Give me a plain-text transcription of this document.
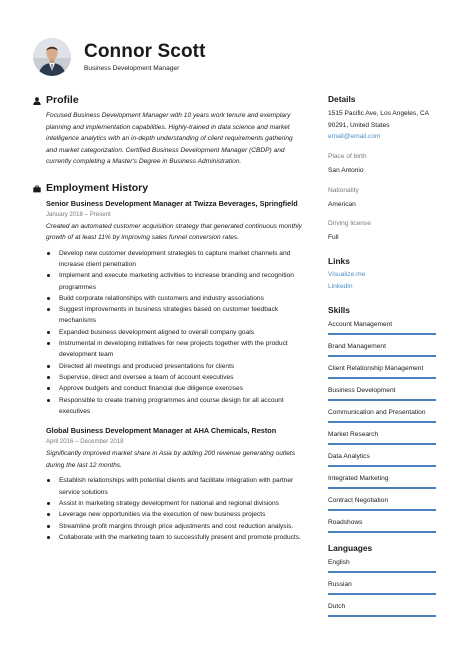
Connor Scott
Business Development Manager
Profile
Focused Business Development Manager with 10 years work tenure and exemplary planning and implementation capabilities. Highly-trained in data science and market intelligence analytics with an in-depth understanding of client requirements gathering and market categorization. Certified Business Development Manager (CBDP) and currently completing a Master's Degree in Business Administration.
Employment History
Senior Business Development Manager at Twizza Beverages, Springfield
January 2018 – Present
Created an automated customer acquisition strategy that generated continuous monthly growth of at least 11% by improving sales funnel conversion rates.
Develop new customer development strategies to capture market channels and increase client penetration
Implement and execute marketing activities to increase branding and recognition programmes
Build corporate relationships with customers and industry associations
Suggest improvements in business strategies based on customer feedback mechanisms
Expanded business development aligned to overall company goals
Instrumental in developing initiatives for new projects together with the product development team
Directed all meetings and produced presentations for clients
Supervise, direct and oversee a team of account executives
Approve budgets and conduct financial due diligence exercises
Responsible to create training programmes and course design for all account executives
Global Business Development Manager at AHA Chemicals, Reston
April 2016 – December 2018
Significantly improved market share in Asia by adding 200 revenue generating outlets during the last 12 months.
Establish relationships with potential clients and facilitate integration with partner service solutions
Assist in marketing strategy development for national and regional divisions
Leverage new opportunities via the execution of new business projects
Streamline profit margins through price adjustments and cost reduction analysis.
Collaborate with the marketing team to successfully present and promote products.
Details
1515 Pacific Ave, Los Angeles, CA
90291, United States
email@email.com
Place of birth
San Antonio
Nationality
American
Driving license
Full
Links
Visualize.me
Linkedin
Skills
Account Management
Brand Management
Client Relationship Management
Business Development
Communication and Presentation
Market Research
Data Analytics
Integrated Marketing
Contract Negotiation
Roadshows
Languages
English
Russian
Dutch
